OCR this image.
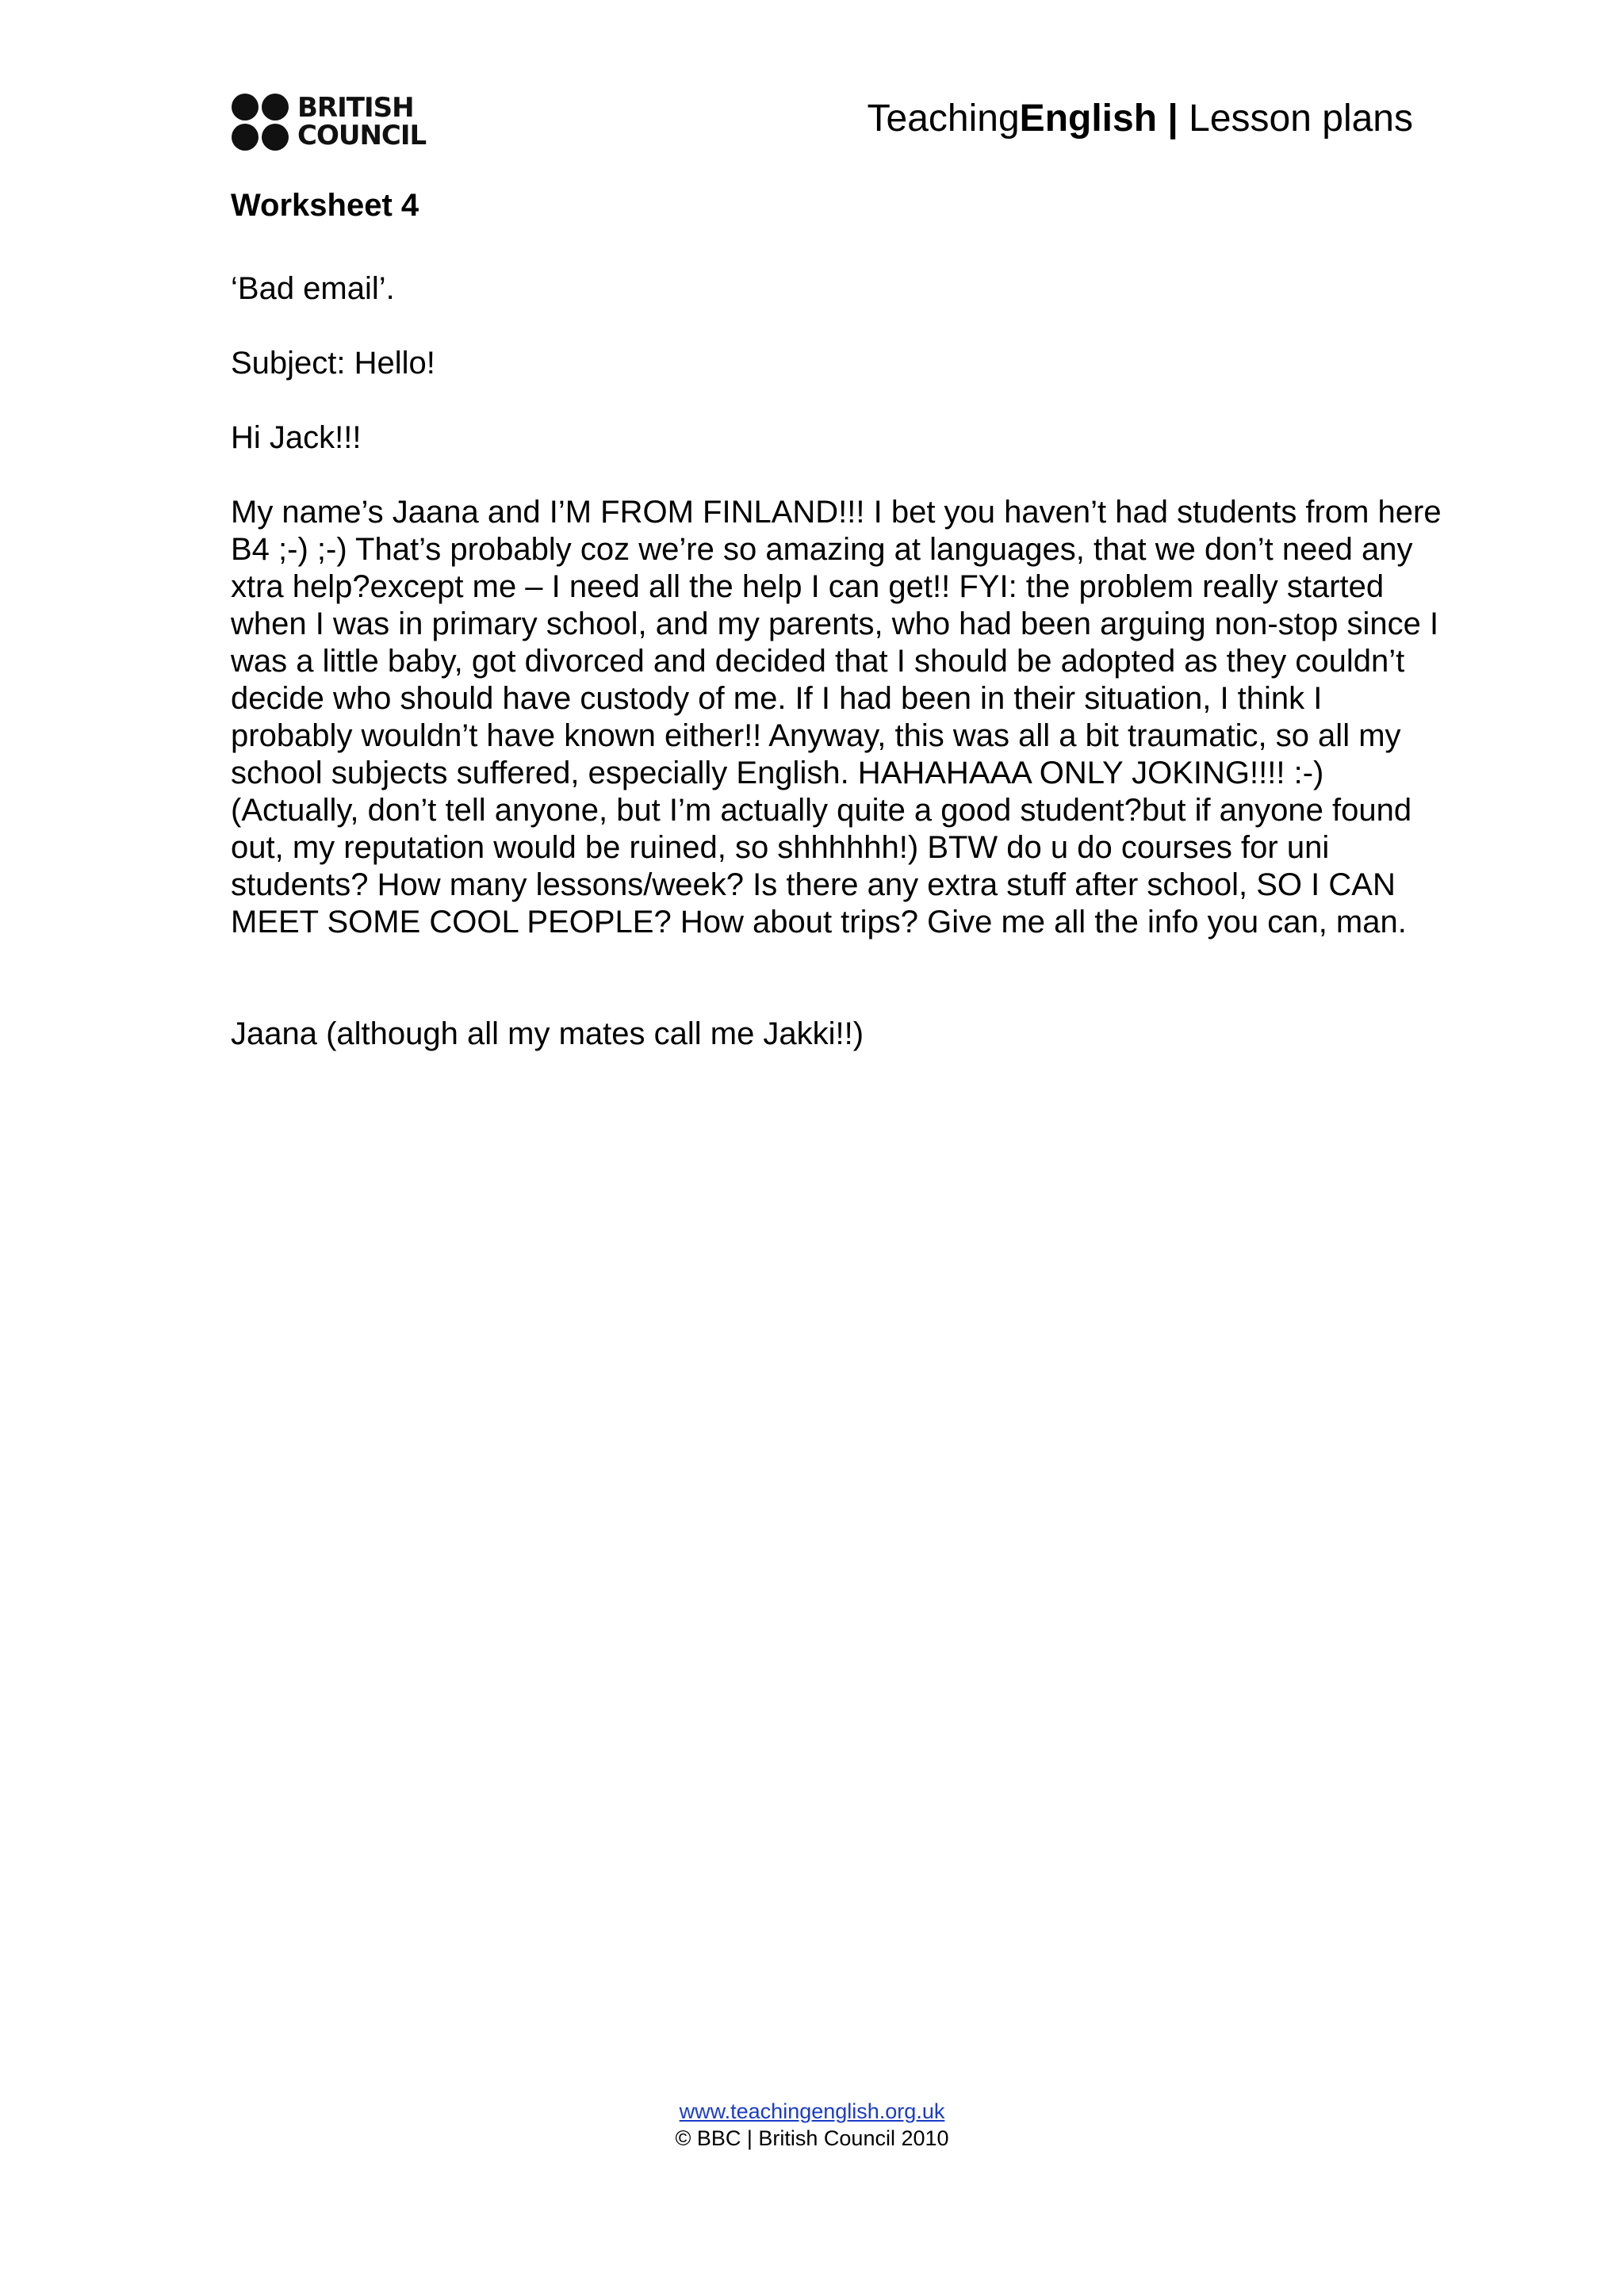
BRITISH
COUNCIL	TeachingEnglish | Lesson plans

Worksheet 4

‘Bad email’.

Subject: Hello!

Hi Jack!!!

My name’s Jaana and I’M FROM FINLAND!!! I bet you haven’t had students from here B4 ;-) ;-) That’s probably coz we’re so amazing at languages, that we don’t need any xtra help?except me – I need all the help I can get!! FYI: the problem really started when I was in primary school, and my parents, who had been arguing non-stop since I was a little baby, got divorced and decided that I should be adopted as they couldn’t decide who should have custody of me. If I had been in their situation, I think I probably wouldn’t have known either!! Anyway, this was all a bit traumatic, so all my school subjects suffered, especially English. HAHAHAAA ONLY JOKING!!!! :-) (Actually, don’t tell anyone, but I’m actually quite a good student?but if anyone found out, my reputation would be ruined, so shhhhhh!) BTW do u do courses for uni students? How many lessons/week? Is there any extra stuff after school, SO I CAN MEET SOME COOL PEOPLE? How about trips? Give me all the info you can, man.

Jaana (although all my mates call me Jakki!!)

www.teachingenglish.org.uk
© BBC | British Council 2010
